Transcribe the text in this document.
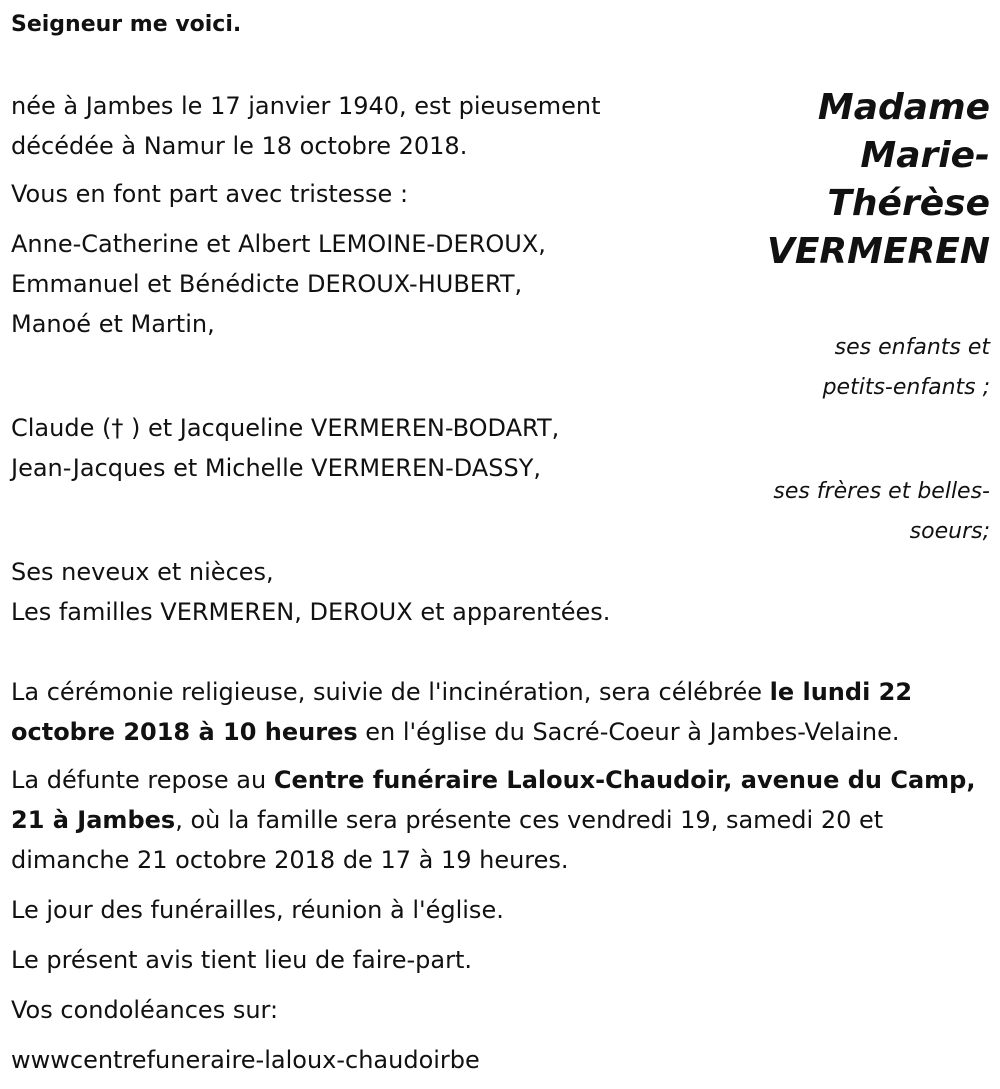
Seigneur me voici.
née à Jambes le 17 janvier 1940, est pieusement
décédée à Namur le 18 octobre 2018.
Vous en font part avec tristesse :
Madame
Marie-
Thérèse
VERMEREN
Anne-Catherine et Albert LEMOINE-DEROUX,
Emmanuel et Bénédicte DEROUX-HUBERT,
Manoé et Martin,
ses enfants et
petits-enfants ;
Claude († ) et Jacqueline VERMEREN-BODART,
Jean-Jacques et Michelle VERMEREN-DASSY,
ses frères et belles-
soeurs;
Ses neveux et nièces,
Les familles VERMEREN, DEROUX et apparentées.
La cérémonie religieuse, suivie de l'incinération, sera célébrée le lundi 22 octobre 2018 à 10 heures en l'église du Sacré-Coeur à Jambes-Velaine.
La défunte repose au Centre funéraire Laloux-Chaudoir, avenue du Camp, 21 à Jambes, où la famille sera présente ces vendredi 19, samedi 20 et dimanche 21 octobre 2018 de 17 à 19 heures.
Le jour des funérailles, réunion à l'église.
Le présent avis tient lieu de faire-part.
Vos condoléances sur:
wwwcentrefuneraire-laloux-chaudoirbe
